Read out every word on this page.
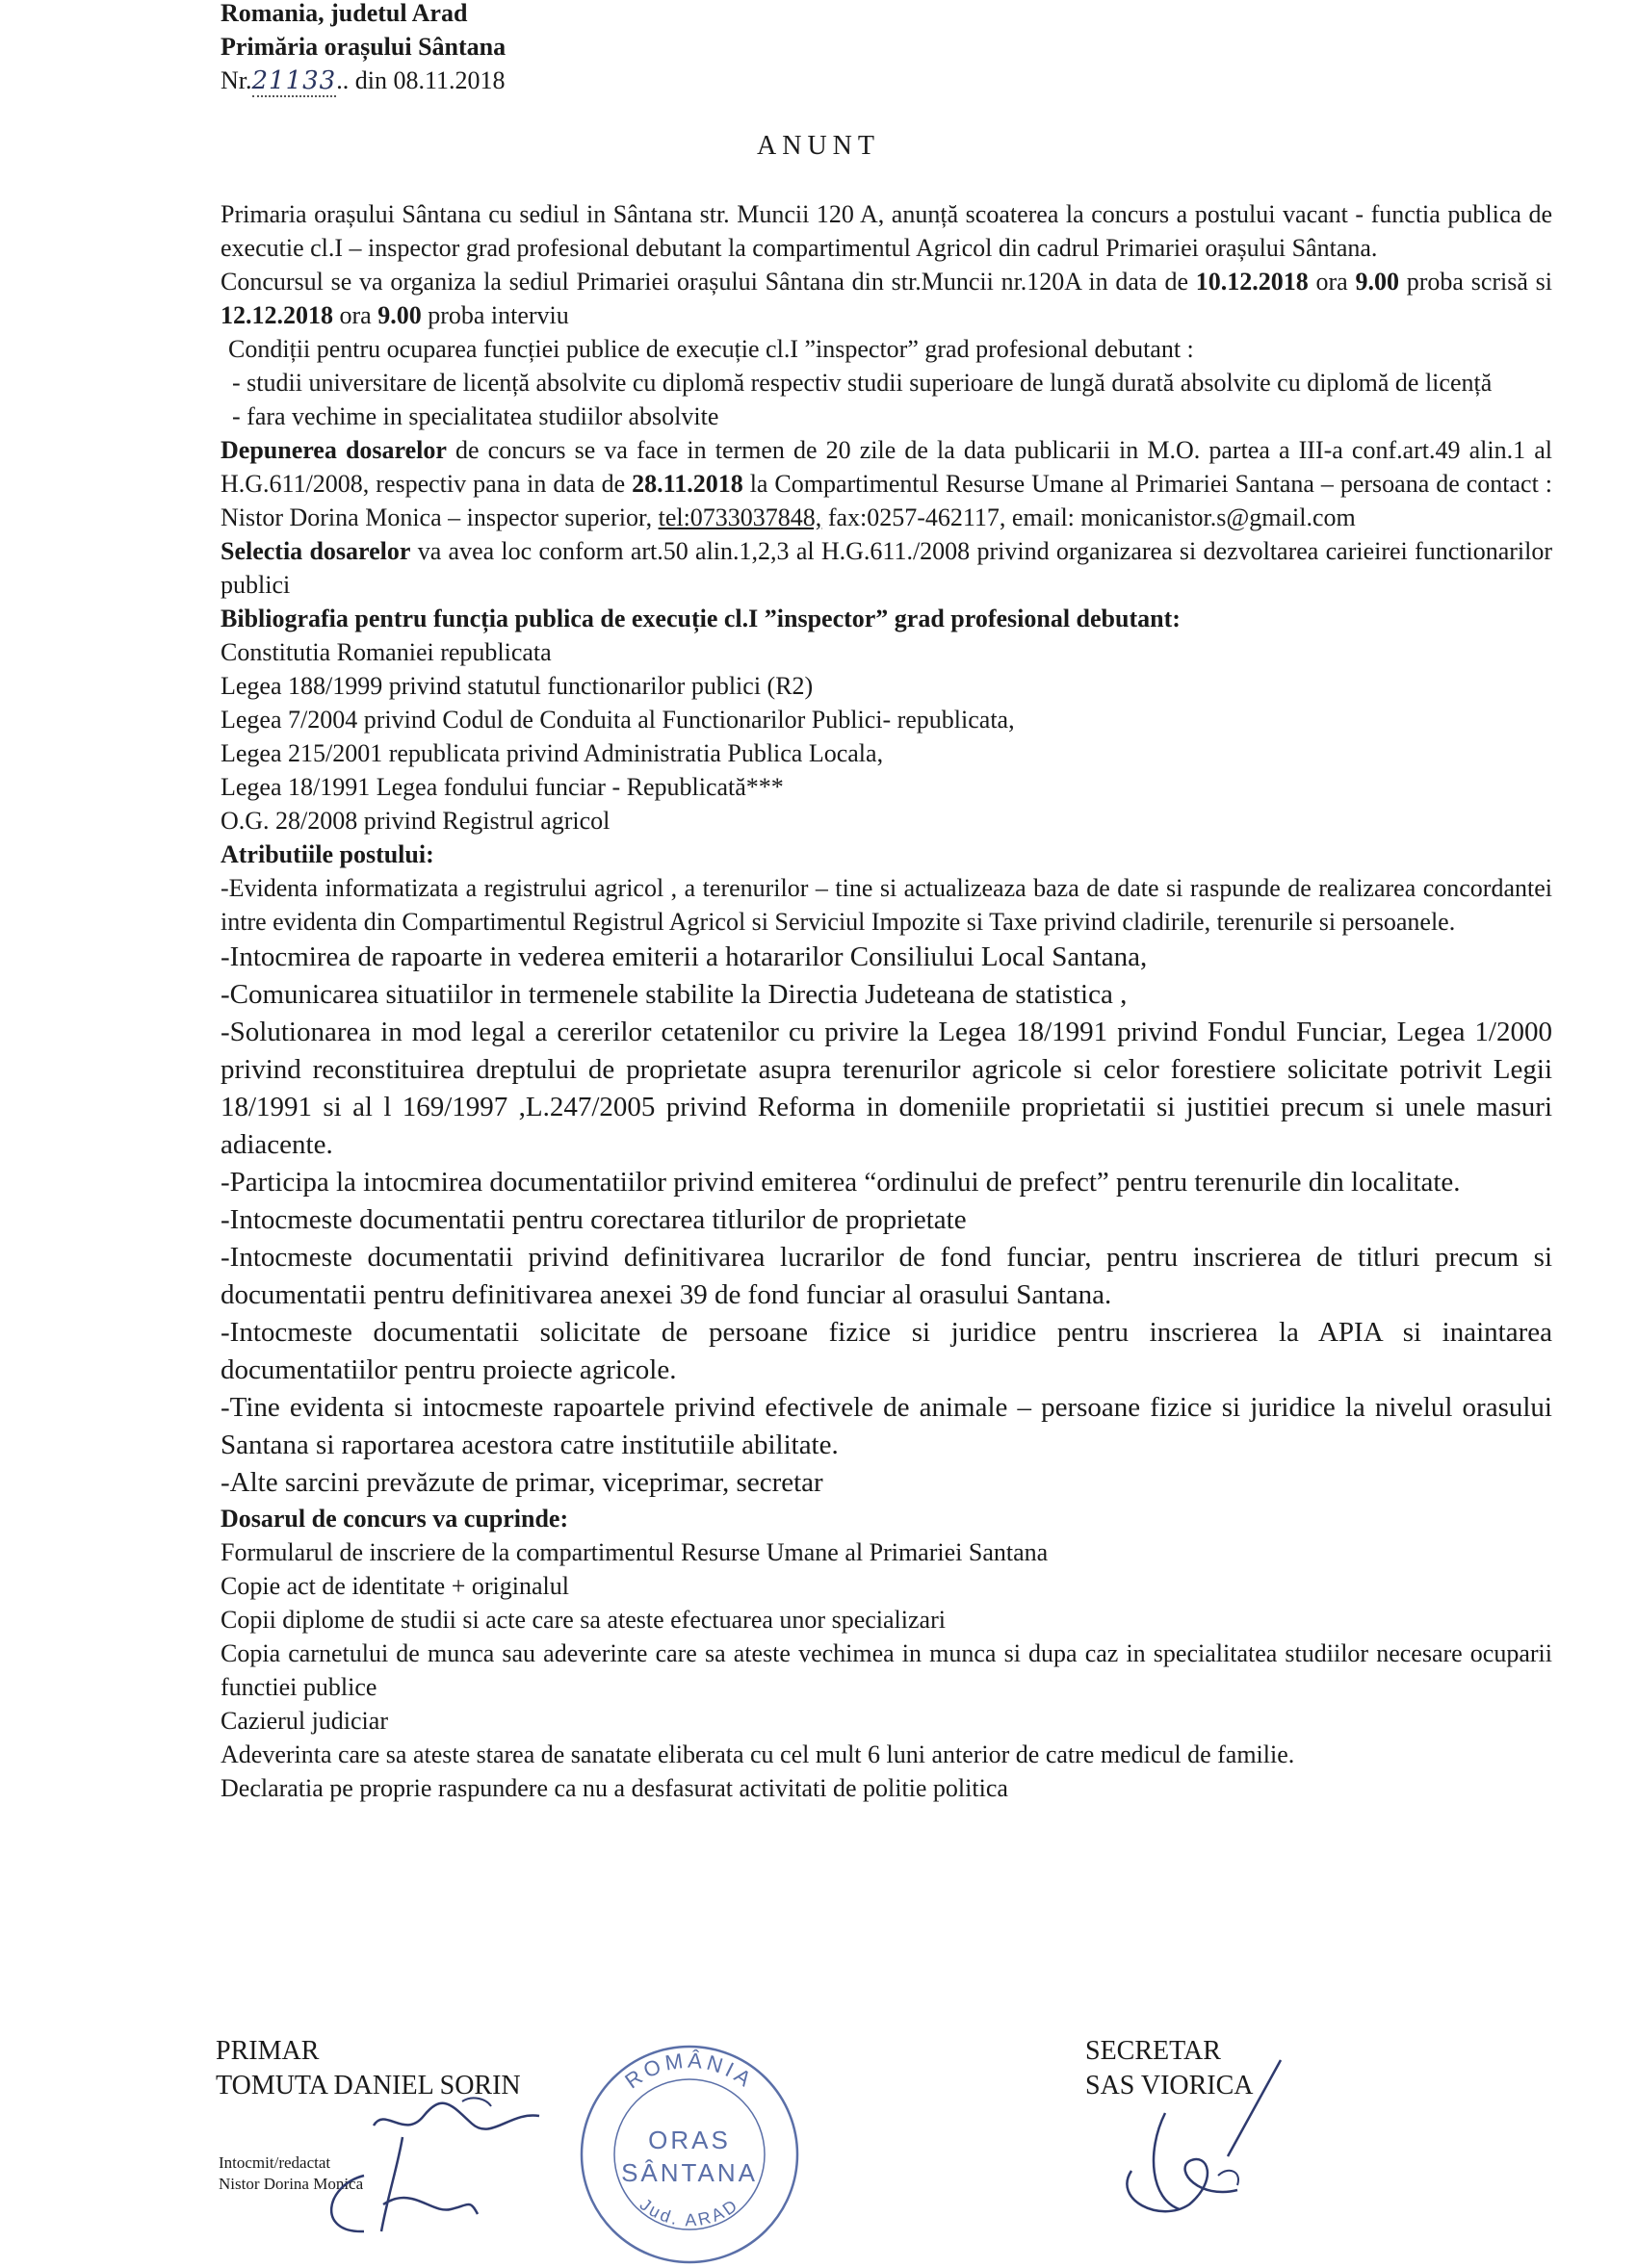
Romania, judetul Arad
Primăria orașului Sântana
Nr.21133.. din 08.11.2018
ANUNT

Primaria orașului Sântana cu sediul in Sântana str. Muncii 120 A, anunță scoaterea la concurs a postului vacant - functia publica de executie cl.I – inspector grad profesional debutant la compartimentul Agricol din cadrul Primariei orașului Sântana.

Concursul se va organiza la sediul Primariei orașului Sântana din str.Muncii nr.120A in data de 10.12.2018 ora 9.00 proba scrisă si 12.12.2018 ora 9.00 proba interviu

Condiții pentru ocuparea funcției publice de execuție cl.I ”inspector” grad profesional debutant :

- studii universitare de licență absolvite cu diplomă respectiv studii superioare de lungă durată absolvite cu diplomă de licență

- fara vechime in specialitatea studiilor absolvite

Depunerea dosarelor de concurs se va face in termen de 20 zile de la data publicarii in M.O. partea a III-a conf.art.49 alin.1 al H.G.611/2008, respectiv pana in data de 28.11.2018 la Compartimentul Resurse Umane al Primariei Santana – persoana de contact : Nistor Dorina Monica – inspector superior, tel:0733037848, fax:0257-462117, email: monicanistor.s@gmail.com

Selectia dosarelor va avea loc conform art.50 alin.1,2,3 al H.G.611./2008 privind organizarea si dezvoltarea carieirei functionarilor publici

Bibliografia pentru funcția publica de execuție cl.I ”inspector” grad profesional debutant:

Constitutia Romaniei republicata

Legea 188/1999 privind statutul functionarilor publici (R2)

Legea 7/2004 privind Codul de Conduita al Functionarilor Publici- republicata,

Legea 215/2001 republicata privind Administratia Publica Locala,

Legea 18/1991 Legea fondului funciar - Republicată***

O.G. 28/2008 privind Registrul agricol

Atributiile postului:

-Evidenta informatizata a registrului agricol , a terenurilor – tine si actualizeaza baza de date si raspunde de realizarea concordantei intre evidenta din Compartimentul Registrul Agricol si Serviciul Impozite si Taxe privind cladirile, terenurile si persoanele.

-Intocmirea de rapoarte in vederea emiterii a hotararilor Consiliului Local Santana,

-Comunicarea situatiilor in termenele stabilite la Directia Judeteana de statistica ,

-Solutionarea in mod legal a cererilor cetatenilor cu privire la Legea 18/1991 privind Fondul Funciar, Legea 1/2000 privind reconstituirea dreptului de proprietate asupra terenurilor agricole si celor forestiere solicitate potrivit Legii 18/1991 si al l 169/1997 ,L.247/2005 privind Reforma in domeniile proprietatii si justitiei precum si unele masuri adiacente.

-Participa la intocmirea documentatiilor privind emiterea “ordinului de prefect” pentru terenurile din localitate.

-Intocmeste documentatii pentru corectarea titlurilor de proprietate

-Intocmeste documentatii privind definitivarea lucrarilor de fond funciar, pentru inscrierea de titluri precum si documentatii pentru definitivarea anexei 39 de fond funciar al orasului Santana.

-Intocmeste documentatii solicitate de persoane fizice si juridice pentru inscrierea la APIA si inaintarea documentatiilor pentru proiecte agricole.

-Tine evidenta si intocmeste rapoartele privind efectivele de animale – persoane fizice si juridice la nivelul orasului Santana si raportarea acestora catre institutiile abilitate.

-Alte sarcini prevăzute de primar, viceprimar, secretar

Dosarul de concurs va cuprinde:

Formularul de inscriere de la compartimentul Resurse Umane al Primariei Santana

Copie act de identitate + originalul

Copii diplome de studii si acte care sa ateste efectuarea unor specializari

Copia carnetului de munca sau adeverinte care sa ateste vechimea in munca si dupa caz in specialitatea studiilor necesare ocuparii functiei publice

Cazierul judiciar

Adeverinta care sa ateste starea de sanatate eliberata cu cel mult 6 luni anterior de catre medicul de familie.

Declaratia pe proprie raspundere ca nu a desfasurat activitati de politie politica

PRIMAR
TOMUTA DANIEL SORIN
Intocmit/redactat
Nistor Dorina Monica
SECRETAR
SAS VIORICA
ROMÂNIA
ORAS
SÂNTANA
Jud. ARAD
